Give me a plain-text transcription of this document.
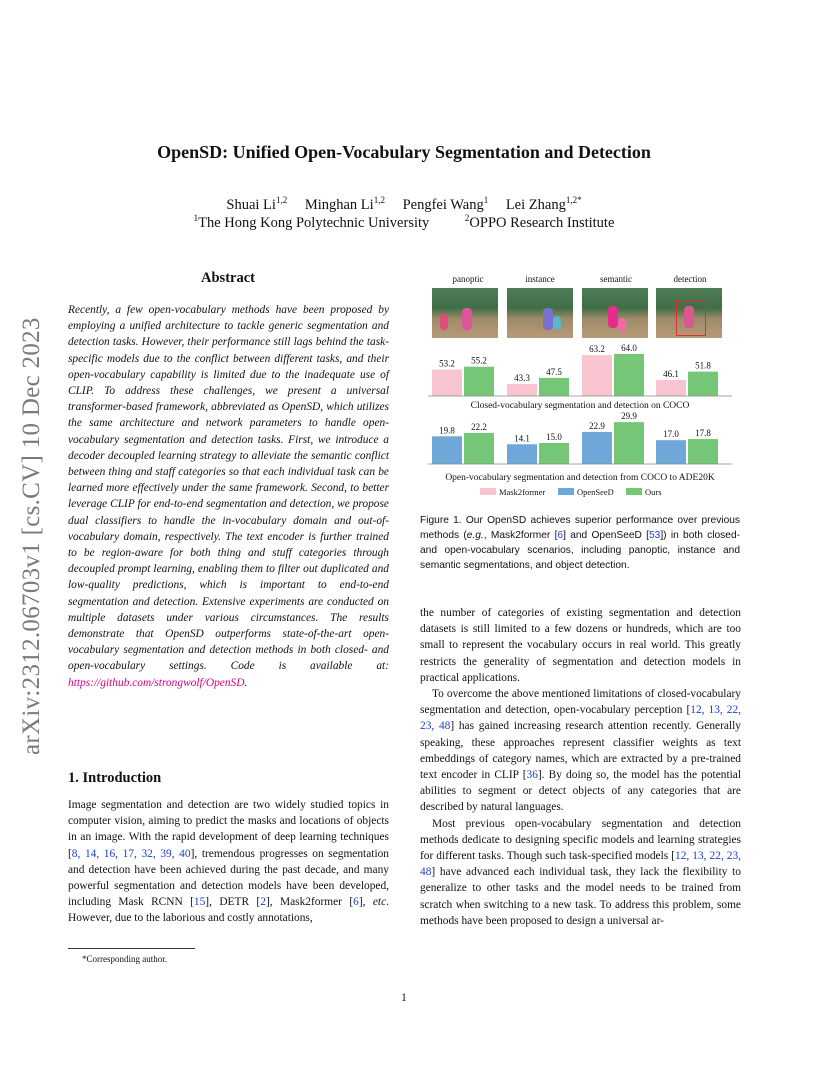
arXiv:2312.06703v1 [cs.CV] 10 Dec 2023
OpenSD: Unified Open-Vocabulary Segmentation and Detection
Shuai Li$^{1,2}$ Minghan Li$^{1,2}$ Pengfei Wang$^1$ Lei Zhang$^{1,2*}$
$^1$The Hong Kong Polytechnic University	$^2$OPPO Research Institute
Abstract
Recently, a few open-vocabulary methods have been proposed by employing a unified architecture to tackle generic segmentation and detection tasks. However, their performance still lags behind the task-specific models due to the conflict between different tasks, and their open-vocabulary capability is limited due to the inadequate use of CLIP. To address these challenges, we present a universal transformer-based framework, abbreviated as OpenSD, which utilizes the same architecture and network parameters to handle open-vocabulary segmentation and detection tasks. First, we introduce a decoder decoupled learning strategy to alleviate the semantic conflict between thing and staff categories so that each individual task can be learned more effectively under the same framework. Second, to better leverage CLIP for end-to-end segmentation and detection, we propose dual classifiers to handle the in-vocabulary domain and out-of-vocabulary domain, respectively. The text encoder is further trained to be region-aware for both thing and stuff categories through decoupled prompt learning, enabling them to filter out duplicated and low-quality predictions, which is important to end-to-end segmentation and detection. Extensive experiments are conducted on multiple datasets under various circumstances. The results demonstrate that OpenSD outperforms state-of-the-art open-vocabulary segmentation and detection methods in both closed- and open-vocabulary settings. Code is available at: https://github.com/strongwolf/OpenSD.
1. Introduction
Image segmentation and detection are two widely studied topics in computer vision, aiming to predict the masks and locations of objects in an image. With the rapid development of deep learning techniques [8, 14, 16, 17, 32, 39, 40], tremendous progresses on segmentation and detection have been achieved during the past decade, and many powerful segmentation and detection models have been developed, including Mask RCNN [15], DETR [2], Mask2former [6], etc. However, due to the laborious and costly annotations,
*Corresponding author.
1
panoptic	instance	semantic	detection
53.2
43.3
63.2
46.1
55.2
47.5
64.0
51.8
Closed-vocabulary segmentation and detection on COCO
19.8
14.1
22.9
17.0
22.2
15.0
29.9
17.8
Open-vocabulary segmentation and detection from COCO to ADE20K
Mask2former	OpenSeeD	Ours
Figure 1. Our OpenSD achieves superior performance over previous methods (e.g., Mask2former [6] and OpenSeeD [53]) in both closed- and open-vocabulary scenarios, including panoptic, instance and semantic segmentations, and object detection.

the number of categories of existing segmentation and detection datasets is still limited to a few dozens or hundreds, which are too small to represent the vocabulary occurs in real world. This greatly restricts the generality of segmentation and detection models in practical applications.

To overcome the above mentioned limitations of closed-vocabulary segmentation and detection, open-vocabulary perception [12, 13, 22, 23, 48] has gained increasing research attention recently. Generally speaking, these approaches represent classifier weights as text embeddings of category names, which are extracted by a pre-trained text encoder in CLIP [36]. By doing so, the model has the potential abilities to segment or detect objects of any categories that are described by natural languages.

Most previous open-vocabulary segmentation and detection methods dedicate to designing specific models and learning strategies for different tasks. Though such task-specified models [12, 13, 22, 23, 48] have advanced each individual task, they lack the flexibility to generalize to other tasks and the model needs to be trained from scratch when switching to a new task. To address this problem, some methods have been proposed to design a universal ar-
